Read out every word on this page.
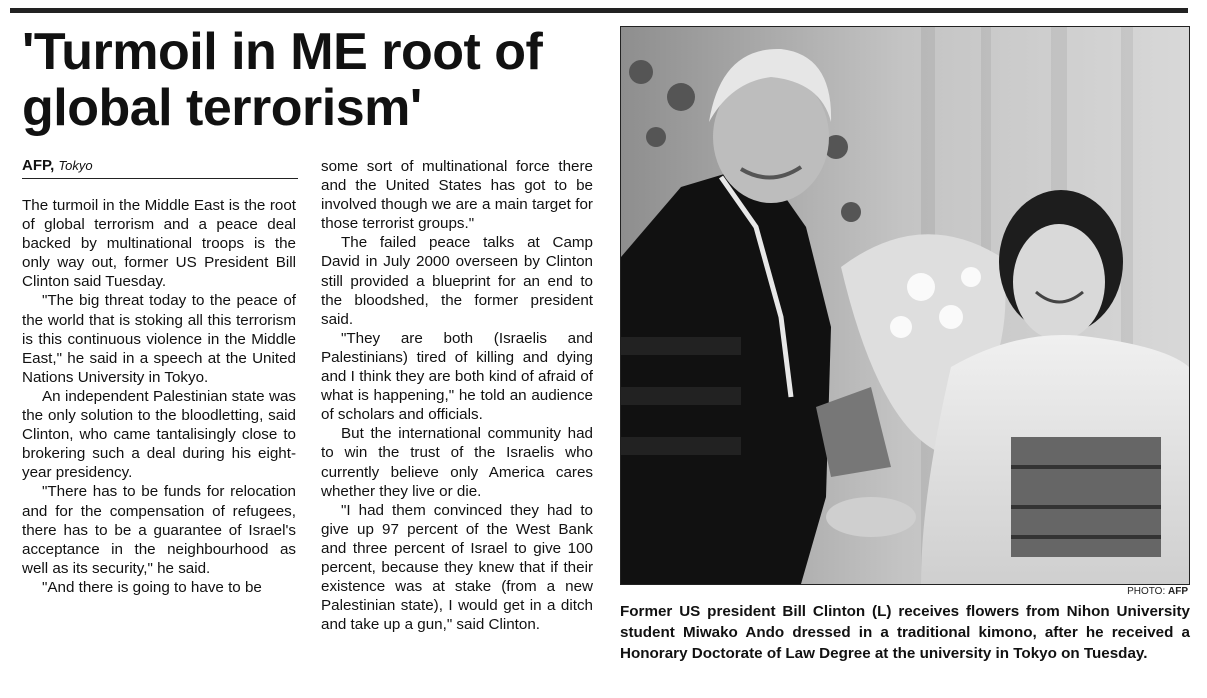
'Turmoil in ME root of global terrorism'
AFP, Tokyo

The turmoil in the Middle East is the root of global terrorism and a peace deal backed by multinational troops is the only way out, former US President Bill Clinton said Tuesday.

"The big threat today to the peace of the world that is stoking all this terrorism is this continuous violence in the Middle East," he said in a speech at the United Nations University in Tokyo.

An independent Palestinian state was the only solution to the bloodletting, said Clinton, who came tantalisingly close to brokering such a deal during his eight-year presidency.

"There has to be funds for relocation and for the compensation of refugees, there has to be a guarantee of Israel's acceptance in the neighbourhood as well as its security," he said.

"And there is going to have to be

some sort of multinational force there and the United States has got to be involved though we are a main target for those terrorist groups."

The failed peace talks at Camp David in July 2000 overseen by Clinton still provided a blueprint for an end to the bloodshed, the former president said.

"They are both (Israelis and Palestinians) tired of killing and dying and I think they are both kind of afraid of what is happening," he told an audience of scholars and officials.

But the international community had to win the trust of the Israelis who currently believe only America cares whether they live or die.

"I had them convinced they had to give up 97 percent of the West Bank and three percent of Israel to give 100 percent, because they knew that if their existence was at stake (from a new Palestinian state), I would get in a ditch and take up a gun," said Clinton.

PHOTO: AFP

Former US president Bill Clinton (L) receives flowers from Nihon University student Miwako Ando dressed in a traditional kimono, after he received a Honorary Doctorate of Law Degree at the university in Tokyo on Tuesday.
